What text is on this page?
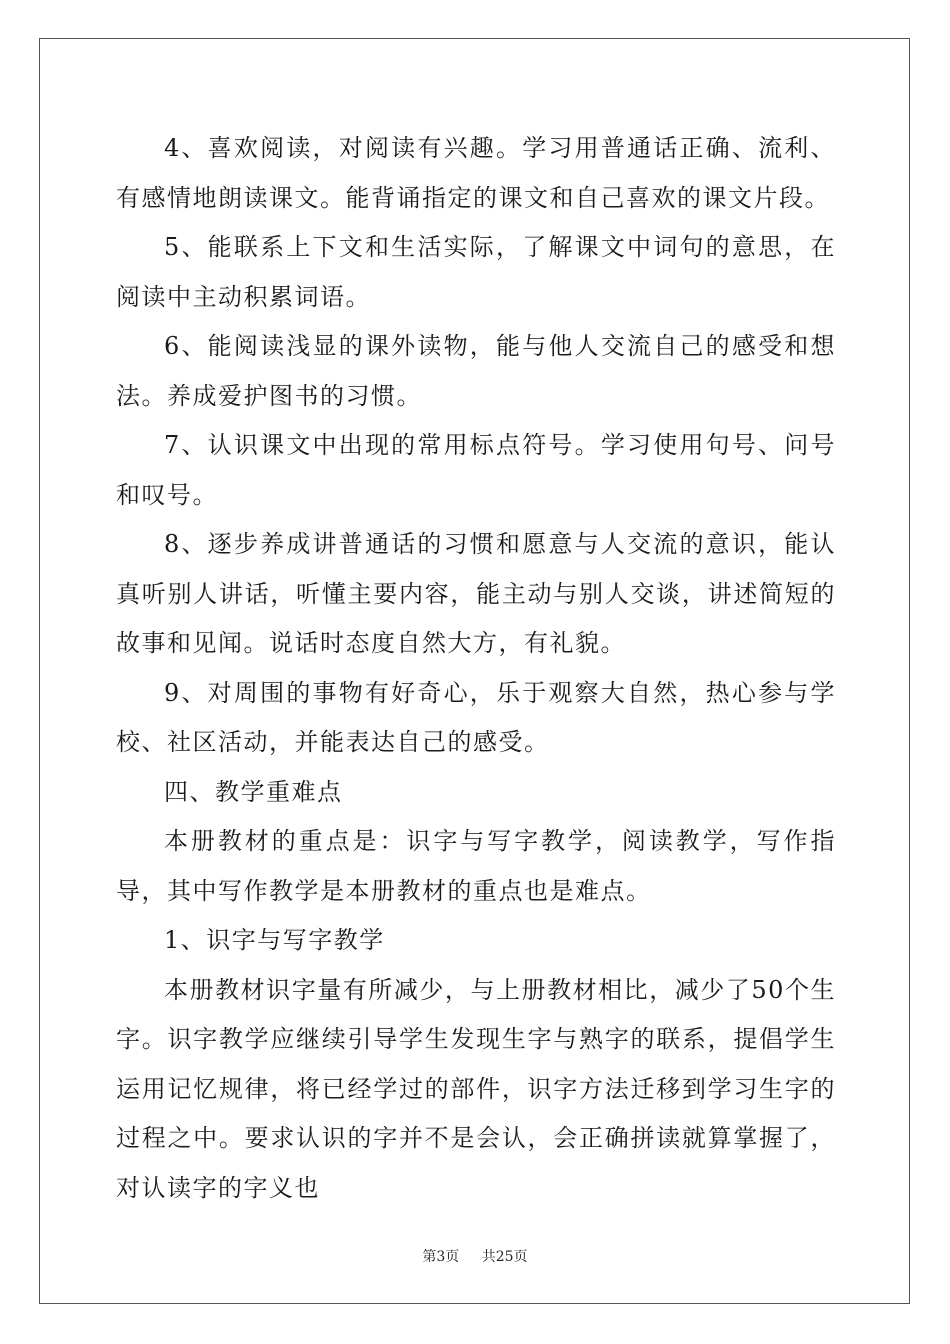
4、喜欢阅读，对阅读有兴趣。学习用普通话正确、流利、有感情地朗读课文。能背诵指定的课文和自己喜欢的课文片段。

5、能联系上下文和生活实际，了解课文中词句的意思，在阅读中主动积累词语。

6、能阅读浅显的课外读物，能与他人交流自己的感受和想法。养成爱护图书的习惯。

7、认识课文中出现的常用标点符号。学习使用句号、问号和叹号。

8、逐步养成讲普通话的习惯和愿意与人交流的意识，能认真听别人讲话，听懂主要内容，能主动与别人交谈，讲述简短的故事和见闻。说话时态度自然大方，有礼貌。

9、对周围的事物有好奇心，乐于观察大自然，热心参与学校、社区活动，并能表达自己的感受。

四、教学重难点

本册教材的重点是：识字与写字教学，阅读教学，写作指导，其中写作教学是本册教材的重点也是难点。

1、识字与写字教学

本册教材识字量有所减少，与上册教材相比，减少了50个生字。识字教学应继续引导学生发现生字与熟字的联系，提倡学生运用记忆规律，将已经学过的部件，识字方法迁移到学习生字的过程之中。要求认识的字并不是会认，会正确拼读就算掌握了，对认读字的字义也

第3页 共25页
